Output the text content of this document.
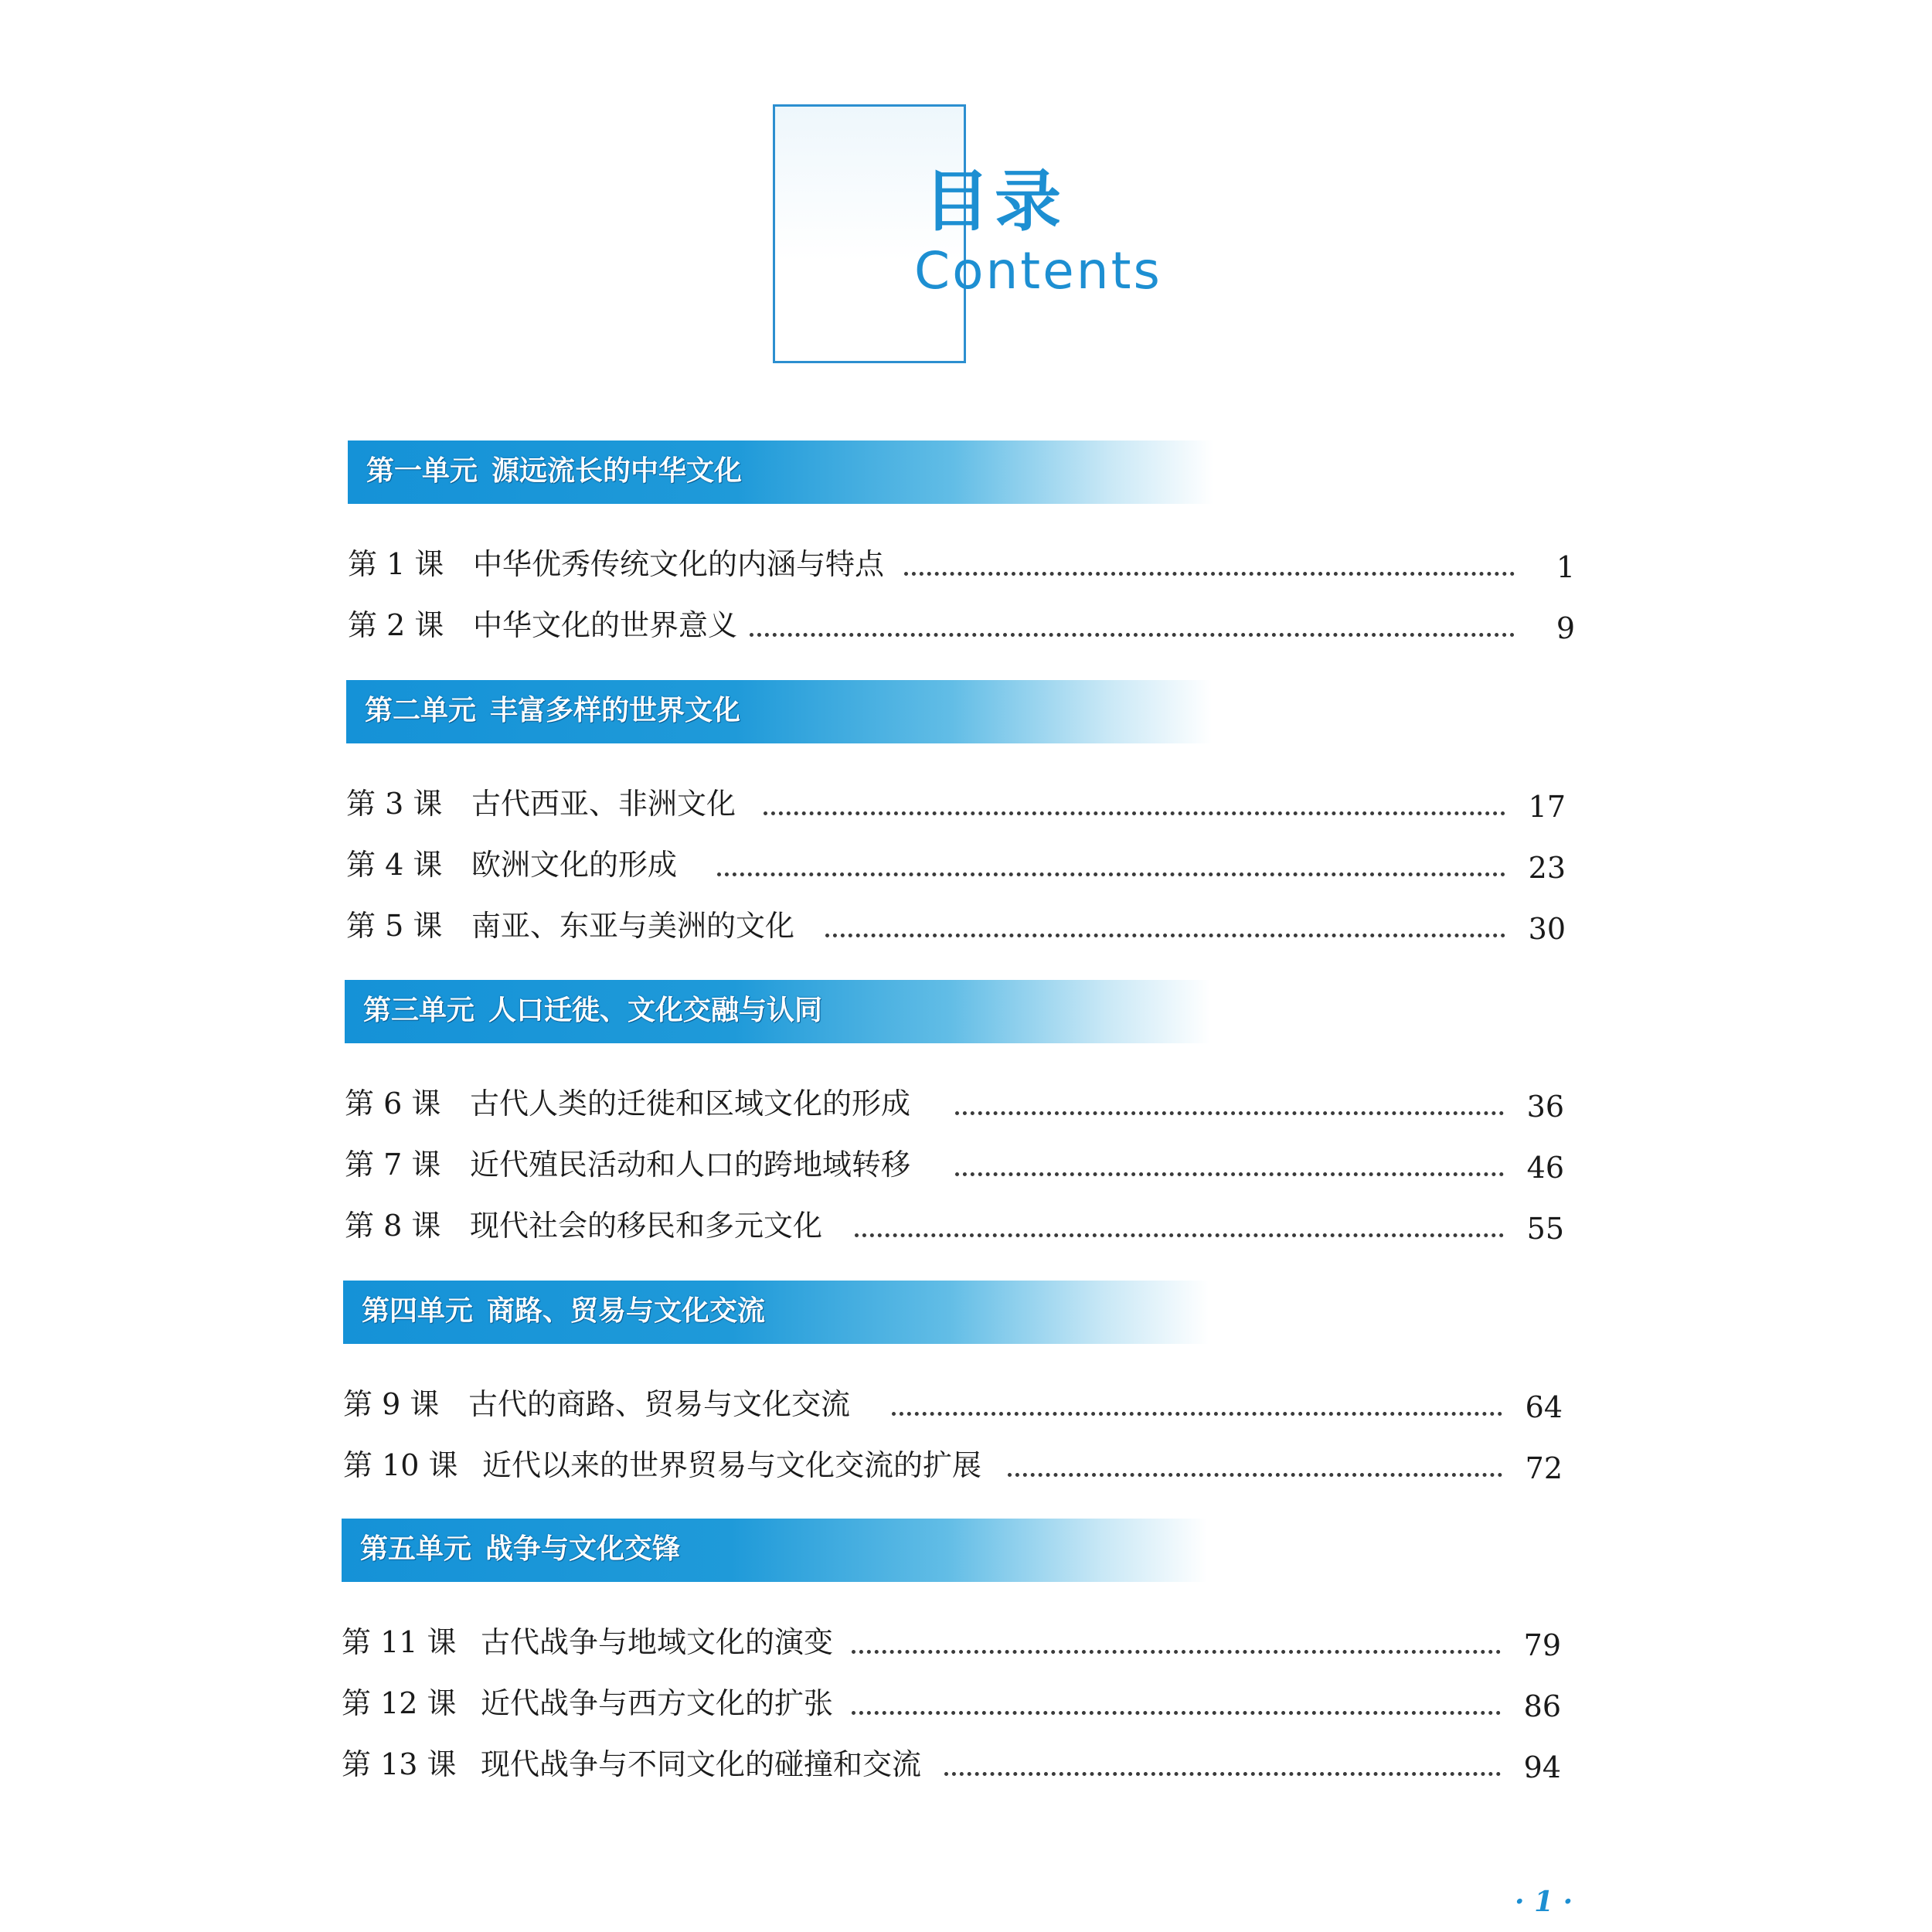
目录
Contents
第一单元 源远流长的中华文化
第 1 课 中华优秀传统文化的内涵与特点	1
第 2 课 中华文化的世界意义	9
第二单元 丰富多样的世界文化
第 3 课 古代西亚、非洲文化	17
第 4 课 欧洲文化的形成	23
第 5 课 南亚、东亚与美洲的文化	30
第三单元 人口迁徙、文化交融与认同
第 6 课 古代人类的迁徙和区域文化的形成	36
第 7 课 近代殖民活动和人口的跨地域转移	46
第 8 课 现代社会的移民和多元文化	55
第四单元 商路、贸易与文化交流
第 9 课 古代的商路、贸易与文化交流	64
第 10 课 近代以来的世界贸易与文化交流的扩展	72
第五单元 战争与文化交锋
第 11 课 古代战争与地域文化的演变	79
第 12 课 近代战争与西方文化的扩张	86
第 13 课 现代战争与不同文化的碰撞和交流	94
· 1 ·
